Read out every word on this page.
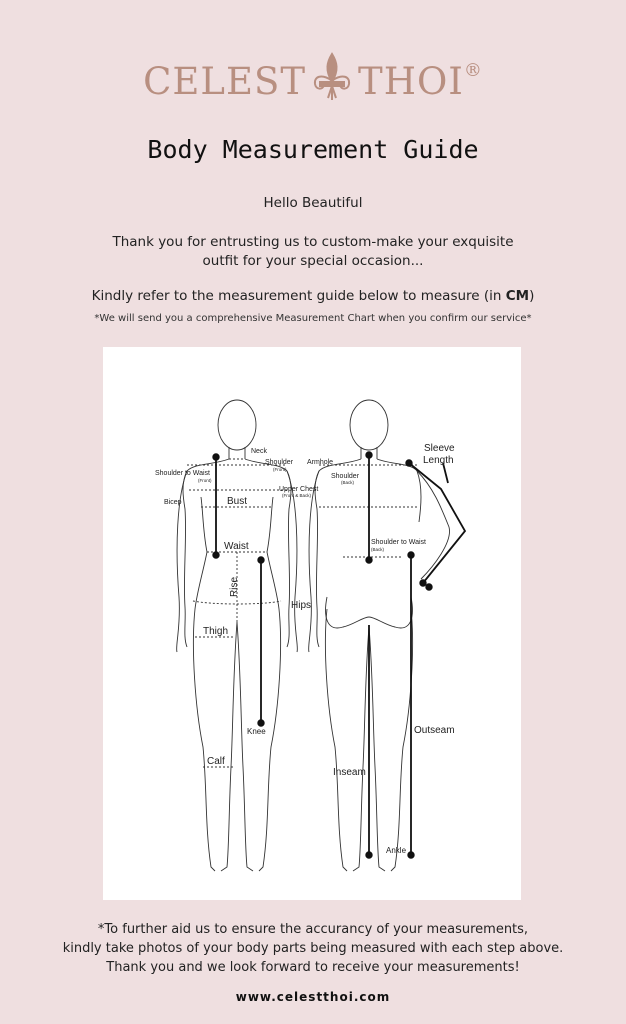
CELEST THOI®
Body Measurement Guide
Hello Beautiful
Thank you for entrusting us to custom-make your exquisite
outfit for your special occasion...
Kindly refer to the measurement guide below to measure (in CM)
*We will send you a comprehensive Measurement Chart when you confirm our service*
Neck
Shoulder
(Front)
Shoulder to Waist
(Front)
Bicep	Bust
Upper Chest
(Front & Back)
Waist
Rise
Hips
Thigh
Knee
Calf
Armhole
Shoulder
(Back)
Shoulder to Waist
(Back)
Sleeve
Length
Outseam
Inseam
Ankle
*To further aid us to ensure the accurancy of your measurements,
kindly take photos of your body parts being measured with each step above.
Thank you and we look forward to receive your measurements!
www.celestthoi.com
